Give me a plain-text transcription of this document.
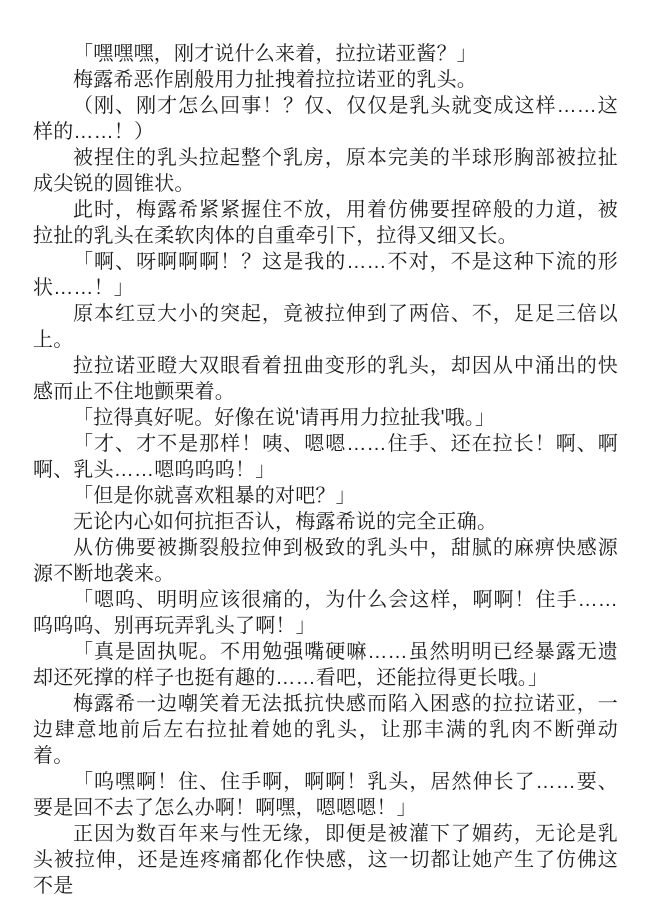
「嘿嘿嘿，刚才说什么来着，拉拉诺亚酱？」

梅露希恶作剧般用力扯拽着拉拉诺亚的乳头。

（刚、刚才怎么回事！？仅、仅仅是乳头就变成这样……这样的……！）

被捏住的乳头拉起整个乳房，原本完美的半球形胸部被拉扯成尖锐的圆锥状。

此时，梅露希紧紧握住不放，用着仿佛要捏碎般的力道，被拉扯的乳头在柔软肉体的自重牵引下，拉得又细又长。

「啊、呀啊啊啊！？这是我的……不对，不是这种下流的形状……！」

原本红豆大小的突起，竟被拉伸到了两倍、不，足足三倍以上。

拉拉诺亚瞪大双眼看着扭曲变形的乳头，却因从中涌出的快感而止不住地颤栗着。

「拉得真好呢。好像在说'请再用力拉扯我'哦。」

「才、才不是那样！咦、嗯嗯……住手、还在拉长！啊、啊啊、乳头……嗯呜呜呜！」

「但是你就喜欢粗暴的对吧？」

无论内心如何抗拒否认，梅露希说的完全正确。

从仿佛要被撕裂般拉伸到极致的乳头中，甜腻的麻痹快感源源不断地袭来。

「嗯呜、明明应该很痛的，为什么会这样，啊啊！住手……呜呜呜、别再玩弄乳头了啊！」

「真是固执呢。不用勉强嘴硬嘛……虽然明明已经暴露无遗却还死撑的样子也挺有趣的……看吧，还能拉得更长哦。」

梅露希一边嘲笑着无法抵抗快感而陷入困惑的拉拉诺亚，一边肆意地前后左右拉扯着她的乳头，让那丰满的乳肉不断弹动着。

「呜嘿啊！住、住手啊，啊啊！乳头，居然伸长了……要、要是回不去了怎么办啊！啊嘿，嗯嗯嗯！」

正因为数百年来与性无缘，即便是被灌下了媚药，无论是乳头被拉伸，还是连疼痛都化作快感，这一切都让她产生了仿佛这不是
